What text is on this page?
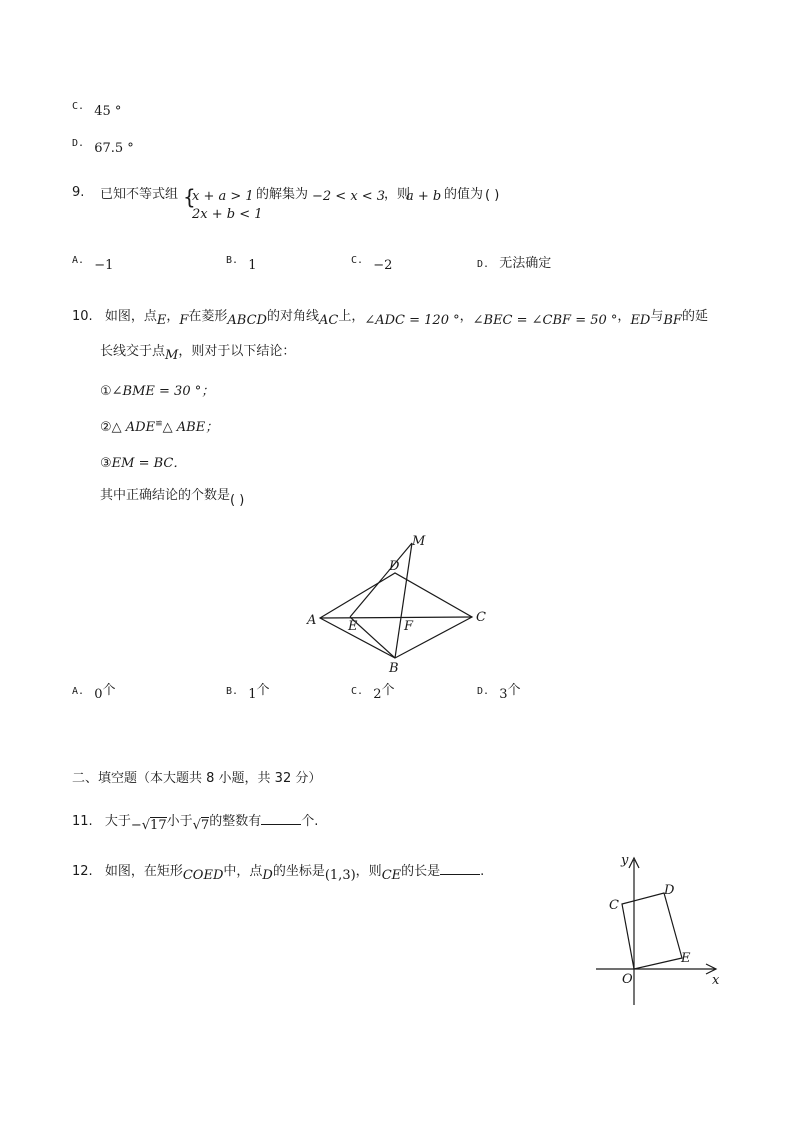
C. 45 °
D. 67.5 °
9. 已知不等式组 {
x + a > 1
2x + b < 1
的解集为 −2 < x < 3
，则
a + b 的值为 ( )
A. −1	B. 1	C. −2	D. 无法确定
10. 如图，点E，F在菱形ABCD的对角线AC上，∠ADC = 120 °，∠BEC = ∠CBF = 50 °，ED与BF的延
长线交于点M，则对于以下结论：
①∠BME = 30 °；
②△ ADE≌△ ABE；
③EM = BC．
其中正确结论的个数是( )
A
B
C
D
E	F
M
A. 0个	B. 1个	C. 2个	D. 3个
二、填空题（本大题共 8 小题，共 32 分）
11. 大于−√17小于√7的整数有	个.
12. 如图，在矩形COED中，点D的坐标是(1,3)，则CE的长是	.
y
x
C
D
O
E
